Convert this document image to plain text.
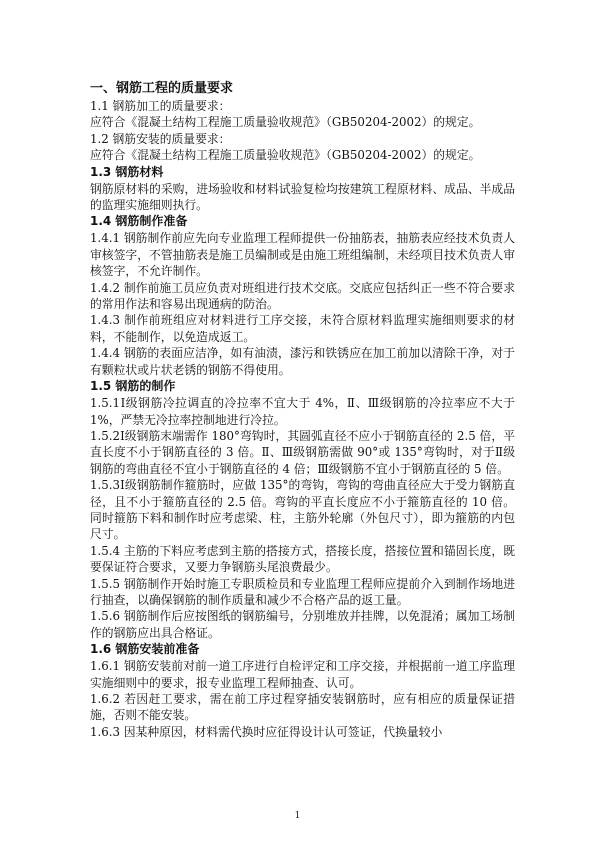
一、钢筋工程的质量要求

1.1 钢筋加工的质量要求：

应符合《混凝土结构工程施工质量验收规范》（GB50204-2002）的规定。

1.2 钢筋安装的质量要求：

应符合《混凝土结构工程施工质量验收规范》（GB50204-2002）的规定。

1.3 钢筋材料

钢筋原材料的采购，进场验收和材料试验复检均按建筑工程原材料、成品、半成品的监理实施细则执行。

1.4 钢筋制作准备

1.4.1 钢筋制作前应先向专业监理工程师提供一份抽筋表，抽筋表应经技术负责人审核签字，不管抽筋表是施工员编制或是由施工班组编制，未经项目技术负责人审核签字，不允许制作。

1.4.2 制作前施工员应负责对班组进行技术交底。交底应包括纠正一些不符合要求的常用作法和容易出现通病的防治。

1.4.3 制作前班组应对材料进行工序交接，未符合原材料监理实施细则要求的材料，不能制作，以免造成返工。

1.4.4 钢筋的表面应洁净，如有油渍，漆污和铁锈应在加工前加以清除干净，对于有颗粒状或片状老锈的钢筋不得使用。

1.5 钢筋的制作

1.5.1Ⅰ级钢筋冷拉调直的冷拉率不宜大于 4%，Ⅱ、Ⅲ级钢筋的冷拉率应不大于 1%，严禁无冷拉率控制地进行冷拉。

1.5.2Ⅰ级钢筋末端需作 180°弯钩时，其圆弧直径不应小于钢筋直径的 2.5 倍，平直长度不小于钢筋直径的 3 倍。Ⅱ、Ⅲ级钢筋需做 90°或 135°弯钩时，对于Ⅱ级钢筋的弯曲直径不宜小于钢筋直径的 4 倍；Ⅲ级钢筋不宜小于钢筋直径的 5 倍。

1.5.3Ⅰ级钢筋制作箍筋时，应做 135°的弯钩，弯钩的弯曲直径应大于受力钢筋直径，且不小于箍筋直径的 2.5 倍。弯钩的平直长度应不小于箍筋直径的 10 倍。同时箍筋下料和制作时应考虑梁、柱，主筋外轮廓（外包尺寸），即为箍筋的内包尺寸。

1.5.4 主筋的下料应考虑到主筋的搭接方式，搭接长度，搭接位置和锚固长度，既要保证符合要求，又要力争钢筋头尾浪费最少。

1.5.5 钢筋制作开始时施工专职质检员和专业监理工程师应提前介入到制作场地进行抽查，以确保钢筋的制作质量和减少不合格产品的返工量。

1.5.6 钢筋制作后应按图纸的钢筋编号，分别堆放并挂牌，以免混淆；属加工场制作的钢筋应出具合格证。

1.6 钢筋安装前准备

1.6.1 钢筋安装前对前一道工序进行自检评定和工序交接，并根据前一道工序监理实施细则中的要求，报专业监理工程师抽查、认可。

1.6.2 若因赶工要求，需在前工序过程穿插安装钢筋时，应有相应的质量保证措施，否则不能安装。

1.6.3 因某种原因，材料需代换时应征得设计认可签证，代换量较小

1
